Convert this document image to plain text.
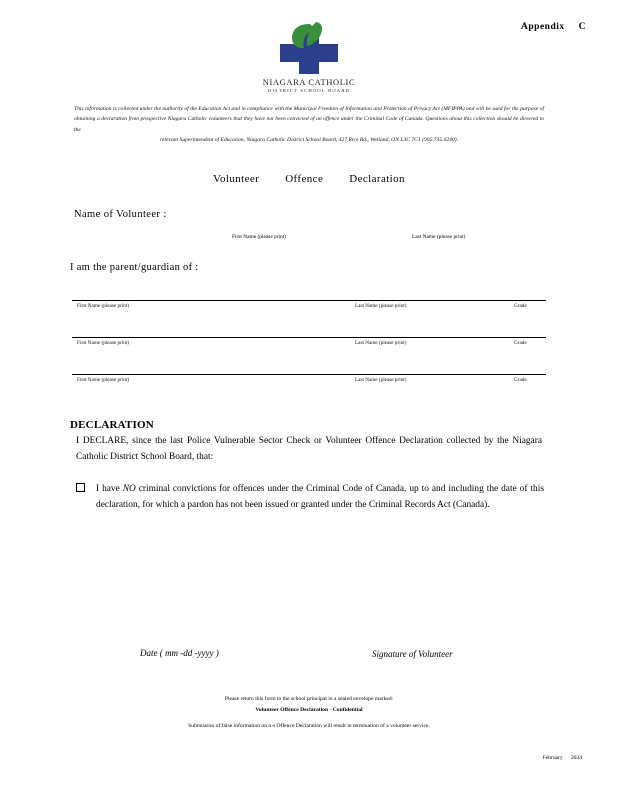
Appendix C
NIAGARA CATHOLIC
DISTRICT SCHOOL BOARD
This information is collected under the authority of the Education Act and in compliance with the Municipal Freedom of Information and Protection of Privacy Act (MFIPPA) and will be used for the purpose of obtaining a declaration from prospective Niagara Catholic volunteers that they have not been convicted of an offence under the Criminal Code of Canada. Questions about this collection should be directed to the
relevant Superintendent of Education, Niagara Catholic District School Board, 427 Rice Rd., Welland, ON L3C 7C1 (905.735.0240).
Volunteer Offence Declaration
Name of Volunteer :
First Name (please print)	Last Name (please print)
I am the parent/guardian of :
First Name (please print)	Last Name (please print)	Grade
First Name (please print)	Last Name (please print)	Grade
First Name (please print)	Last Name (please print)	Grade
DECLARATION
I DECLARE, since the last Police Vulnerable Sector Check or Volunteer Offence Declaration collected by the Niagara Catholic District School Board, that:
I have NO criminal convictions for offences under the Criminal Code of Canada, up to and including the date of this declaration, for which a pardon has not been issued or granted under the Criminal Records Act (Canada).
Date ( mm -dd -yyyy )	Signature of Volunteer
Please return this form to the school principal in a sealed envelope marked:
Volunteer Offence Declaration - Confidential
Submission of false information on a n Offence Declaration will result in termination of a volunteer service.
February 2024
